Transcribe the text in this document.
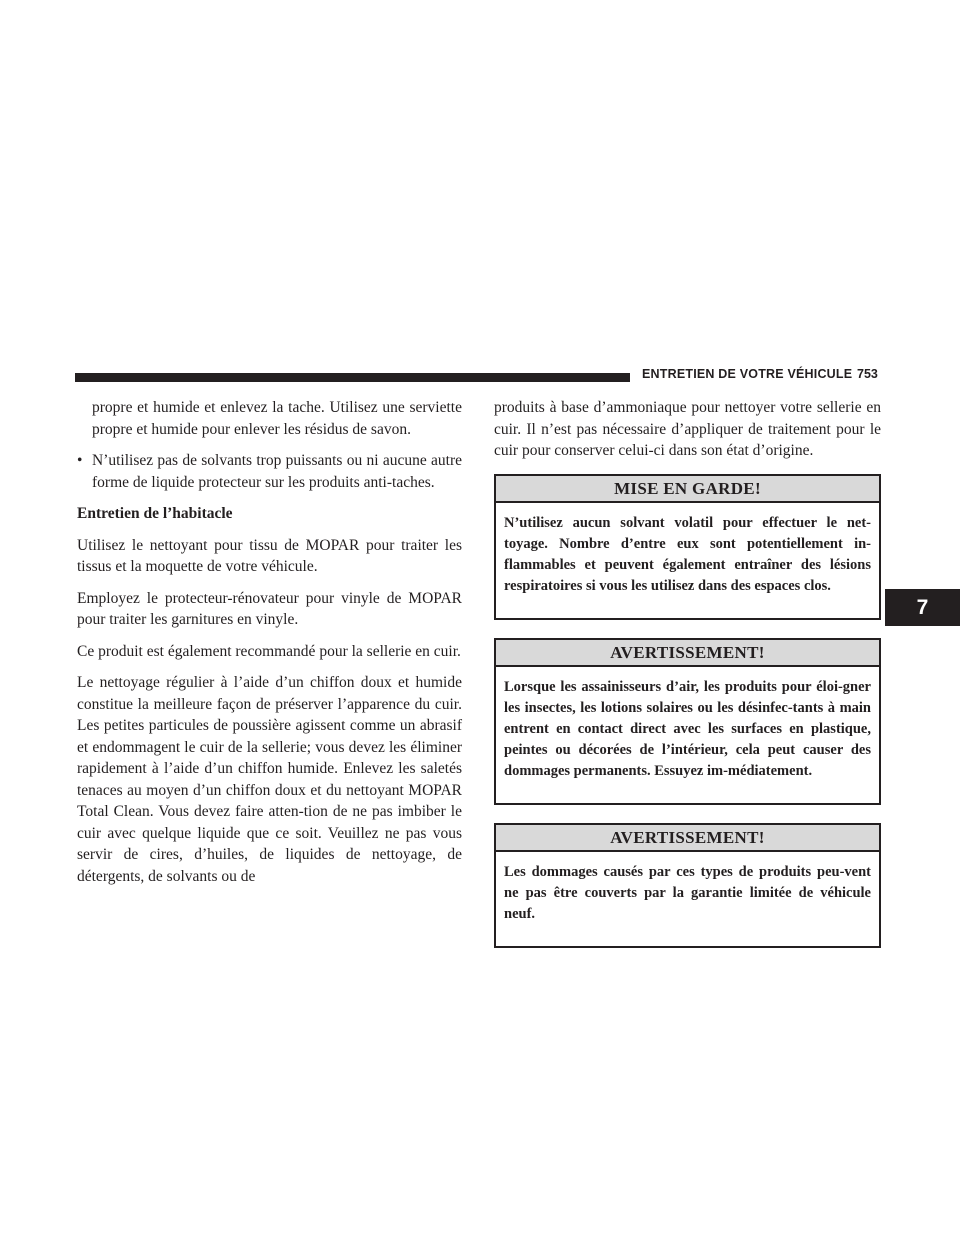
ENTRETIEN DE VOTRE VÉHICULE 753
7

propre et humide et enlevez la tache. Utilisez une serviette propre et humide pour enlever les résidus de savon.

• N’utilisez pas de solvants trop puissants ou ni aucune autre forme de liquide protecteur sur les produits anti-taches.

Entretien de l’habitacle

Utilisez le nettoyant pour tissu de MOPAR pour traiter les tissus et la moquette de votre véhicule.

Employez le protecteur-rénovateur pour vinyle de MOPAR pour traiter les garnitures en vinyle.

Ce produit est également recommandé pour la sellerie en cuir.

Le nettoyage régulier à l’aide d’un chiffon doux et humide constitue la meilleure façon de préserver l’apparence du cuir. Les petites particules de poussière agissent comme un abrasif et endommagent le cuir de la sellerie; vous devez les éliminer rapidement à l’aide d’un chiffon humide. Enlevez les saletés tenaces au moyen d’un chiffon doux et du nettoyant MOPAR Total Clean. Vous devez faire atten-tion de ne pas imbiber le cuir avec quelque liquide que ce soit. Veuillez ne pas vous servir de cires, d’huiles, de liquides de nettoyage, de détergents, de solvants ou de

produits à base d’ammoniaque pour nettoyer votre sellerie en cuir. Il n’est pas nécessaire d’appliquer de traitement pour le cuir pour conserver celui-ci dans son état d’origine.

MISE EN GARDE!

N’utilisez aucun solvant volatil pour effectuer le net-toyage. Nombre d’entre eux sont potentiellement in-flammables et peuvent également entraîner des lésions respiratoires si vous les utilisez dans des espaces clos.

AVERTISSEMENT!

Lorsque les assainisseurs d’air, les produits pour éloi-gner les insectes, les lotions solaires ou les désinfec-tants à main entrent en contact direct avec les surfaces en plastique, peintes ou décorées de l’intérieur, cela peut causer des dommages permanents. Essuyez im-médiatement.

AVERTISSEMENT!

Les dommages causés par ces types de produits peu-vent ne pas être couverts par la garantie limitée de véhicule neuf.
